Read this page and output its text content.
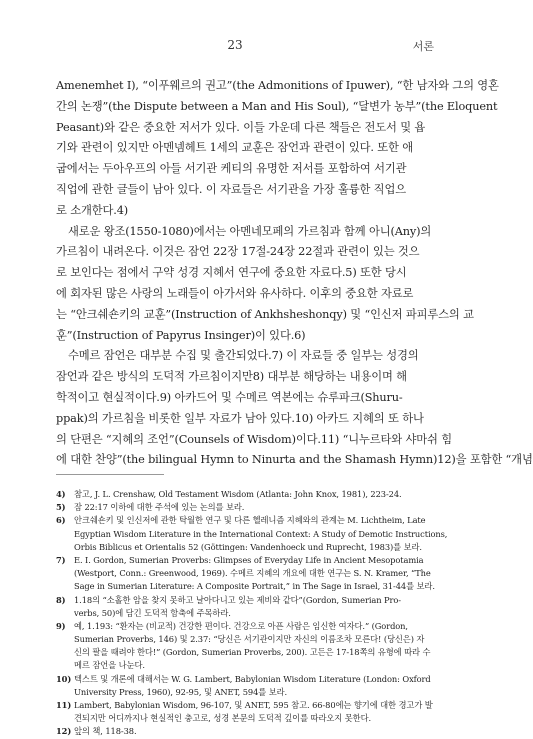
23	서론
Amenemhet I), “이푸웨르의 권고”(the Admonitions of Ipuwer), “한 남자와 그의 영혼
간의 논쟁”(the Dispute between a Man and His Soul), “달변가 농부”(the Eloquent
Peasant)와 같은 중요한 저서가 있다. 이들 가운데 다른 책들은 전도서 및 욥
기와 관련이 있지만 아멘넴헤트 1세의 교훈은 잠언과 관련이 있다. 또한 애
굽에서는 두아우프의 아들 서기관 케티의 유명한 저서를 포함하여 서기관
직업에 관한 글들이 남아 있다. 이 자료들은 서기관을 가장 훌륭한 직업으
로 소개한다.4)
새로운 왕조(1550-1080)에서는 아멘네모페의 가르침과 함께 아니(Any)의
가르침이 내려온다. 이것은 잠언 22장 17절-24장 22절과 관련이 있는 것으
로 보인다는 점에서 구약 성경 지혜서 연구에 중요한 자료다.5) 또한 당시
에 회자된 많은 사랑의 노래들이 아가서와 유사하다. 이후의 중요한 자료로
는 “안크쉐숀키의 교훈”(Instruction of Ankhsheshonqy) 및 “인신저 파피루스의 교
훈”(Instruction of Papyrus Insinger)이 있다.6)
수메르 잠언은 대부분 수집 및 출간되었다.7) 이 자료들 중 일부는 성경의
잠언과 같은 방식의 도덕적 가르침이지만8) 대부분 해당하는 내용이며 해
학적이고 현실적이다.9) 아카드어 및 수메르 역본에는 슈루파크(Shuru-
ppak)의 가르침을 비롯한 일부 자료가 남아 있다.10) 아카드 지혜의 또 하나
의 단편은 “지혜의 조언”(Counsels of Wisdom)이다.11) “니누르타와 샤마쉬 힘
에 대한 찬양”(the bilingual Hymn to Ninurta and the Shamash Hymn)12)을 포함한 “개념
4)	참고, J. L. Crenshaw, Old Testament Wisdom (Atlanta: John Knox, 1981), 223-24.
5)	잠 22:17 이하에 대한 주석에 있는 논의를 보라.
6)	안크쉐숀키 및 인신저에 관한 탁월한 연구 및 다른 헬레니즘 지혜와의 관계는 M. Lichtheim, Late
Egyptian Wisdom Literature in the International Context: A Study of Demotic Instructions,
Orbis Biblicus et Orientalis 52 (Göttingen: Vandenhoeck und Ruprecht, 1983)를 보라.
7)	E. I. Gordon, Sumerian Proverbs: Glimpses of Everyday Life in Ancient Mesopotamia
(Westport, Conn.: Greenwood, 1969). 수메르 지혜의 개요에 대한 연구는 S. N. Kramer, “The
Sage in Sumerian Literature: A Composite Portrait,” in The Sage in Israel, 31-44를 보라.
8)	1.18의 “소홀한 암을 찾지 못하고 날아다니고 있는 제비와 같다”(Gordon, Sumerian Pro-
verbs, 50)에 담긴 도덕적 함축에 주목하라.
9)	예, 1.193: “환자는 (비교적) 건강한 편이다. 건강으로 아픈 사람은 임신한 여자다.” (Gordon,
Sumerian Proverbs, 146) 및 2.37: “당신은 서기관이지만 자신의 이름조차 모른다! (당신은) 자
신의 팔을 때려야 한다!” (Gordon, Sumerian Proverbs, 200). 고든은 17-18쪽의 유형에 따라 수
메르 잠언을 나눈다.
10) 텍스트 및 개론에 대해서는 W. G. Lambert, Babylonian Wisdom Literature (London: Oxford
University Press, 1960), 92-95, 및 ANET, 594를 보라.
11) Lambert, Babylonian Wisdom, 96-107, 및 ANET, 595 참고. 66-80에는 향기에 대한 경고가 발
견되지만 어디까지나 현실적인 충고로, 성경 본문의 도덕적 깊이를 따라오지 못한다.
12) 앞의 책, 118-38.
